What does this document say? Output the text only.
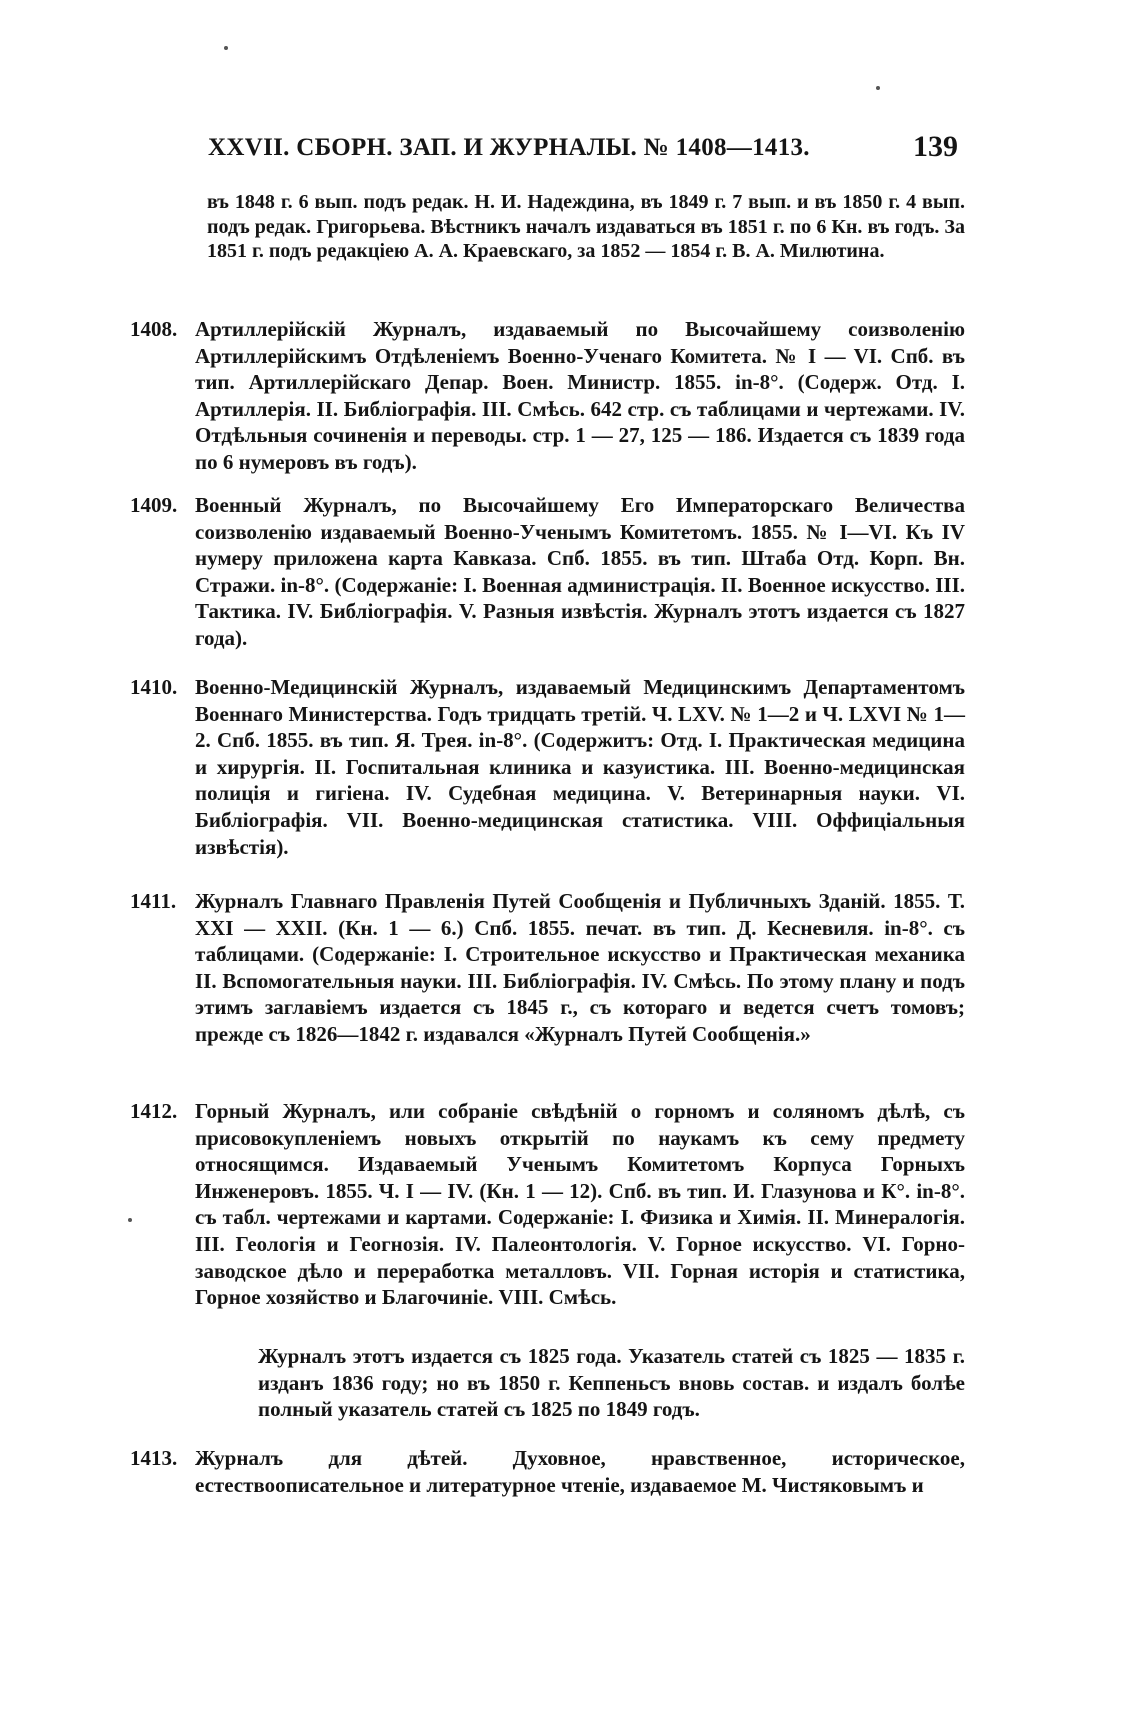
XXVII. СБОРН. ЗАП. И ЖУРНАЛЫ. № 1408—1413.	139
въ 1848 г. 6 вып. подъ редак. Н. И. Надеждина, въ 1849 г. 7 вып. и въ 1850 г. 4 вып. подъ редак. Григорьева. Вѣстникъ началъ издаваться въ 1851 г. по 6 Кн. въ годъ. За 1851 г. подъ редакціею А. А. Краевскаго, за 1852 — 1854 г. В. А. Милютина.
1408. Артиллерійскій Журналъ, издаваемый по Высочайшему соизволенію Артиллерійскимъ Отдѣленіемъ Военно-Ученаго Комитета. № I — VI. Спб. въ тип. Артиллерійскаго Депар. Воен. Министр. 1855. in-8°. (Содерж. Отд. I. Артиллерія. II. Библіографія. III. Смѣсь. 642 стр. съ таблицами и чертежами. IV. Отдѣльныя сочиненія и переводы. стр. 1 — 27, 125 — 186. Издается съ 1839 года по 6 нумеровъ въ годъ).
1409. Военный Журналъ, по Высочайшему Его Императорскаго Величества соизволенію издаваемый Военно-Ученымъ Комитетомъ. 1855. № I—VI. Къ IV нумеру приложена карта Кавказа. Спб. 1855. въ тип. Штаба Отд. Корп. Вн. Стражи. in-8°. (Содержаніе: I. Военная администрація. II. Военное искусство. III. Тактика. IV. Библіографія. V. Разныя извѣстія. Журналъ этотъ издается съ 1827 года).
1410. Военно-Медицинскій Журналъ, издаваемый Медицинскимъ Департаментомъ Военнаго Министерства. Годъ тридцать третій. Ч. LXV. № 1—2 и Ч. LXVI № 1—2. Спб. 1855. въ тип. Я. Трея. in-8°. (Содержитъ: Отд. I. Практическая медицина и хирургія. II. Госпитальная клиника и казуистика. III. Военно-медицинская полиція и гигіена. IV. Судебная медицина. V. Ветеринарныя науки. VI. Библіографія. VII. Военно-медицинская статистика. VIII. Оффиціальныя извѣстія).
1411. Журналъ Главнаго Правленія Путей Сообщенія и Публичныхъ Зданій. 1855. Т. XXI — XXII. (Кн. 1 — 6.) Спб. 1855. печат. въ тип. Д. Кесневиля. in-8°. съ таблицами. (Содержаніе: I. Строительное искусство и Практическая механика II. Вспомогательныя науки. III. Библіографія. IV. Смѣсь. По этому плану и подъ этимъ заглавіемъ издается съ 1845 г., съ котораго и ведется счетъ томовъ; прежде съ 1826—1842 г. издавался «Журналъ Путей Сообщенія.»
1412. Горный Журналъ, или собраніе свѣдѣній о горномъ и соляномъ дѣлѣ, съ присовокупленіемъ новыхъ открытій по наукамъ къ сему предмету относящимся. Издаваемый Ученымъ Комитетомъ Корпуса Горныхъ Инженеровъ. 1855. Ч. I — IV. (Кн. 1 — 12). Спб. въ тип. И. Глазунова и К°. in-8°. съ табл. чертежами и картами. Содержаніе: I. Физика и Химія. II. Минералогія. III. Геологія и Геогнозія. IV. Палеонтологія. V. Горное искусство. VI. Горно-заводское дѣло и переработка металловъ. VII. Горная исторія и статистика, Горное хозяйство и Благочиніе. VIII. Смѣсь.
Журналъ этотъ издается съ 1825 года. Указатель статей съ 1825 — 1835 г. изданъ 1836 году; но въ 1850 г. Кеппеньсъ вновь состав. и издалъ болѣе полный указатель статей съ 1825 по 1849 годъ.
1413. Журналъ для дѣтей. Духовное, нравственное, историческое, естествоописательное и литературное чтеніе, издаваемое М. Чистяковымъ и
